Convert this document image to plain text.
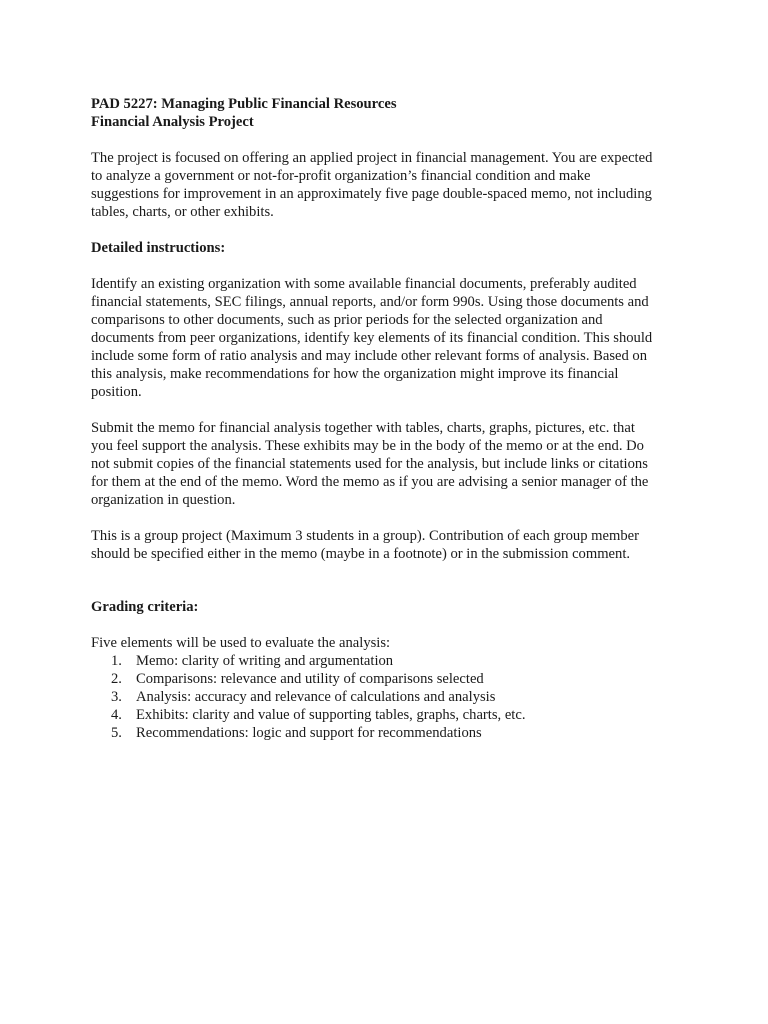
PAD 5227: Managing Public Financial Resources
Financial Analysis Project
The project is focused on offering an applied project in financial management. You are expected
to analyze a government or not-for-profit organization’s financial condition and make
suggestions for improvement in an approximately five page double-spaced memo, not including
tables, charts, or other exhibits.
Detailed instructions:
Identify an existing organization with some available financial documents, preferably audited
financial statements, SEC filings, annual reports, and/or form 990s. Using those documents and
comparisons to other documents, such as prior periods for the selected organization and
documents from peer organizations, identify key elements of its financial condition. This should
include some form of ratio analysis and may include other relevant forms of analysis. Based on
this analysis, make recommendations for how the organization might improve its financial
position.
Submit the memo for financial analysis together with tables, charts, graphs, pictures, etc. that
you feel support the analysis. These exhibits may be in the body of the memo or at the end. Do
not submit copies of the financial statements used for the analysis, but include links or citations
for them at the end of the memo. Word the memo as if you are advising a senior manager of the
organization in question.
This is a group project (Maximum 3 students in a group). Contribution of each group member
should be specified either in the memo (maybe in a footnote) or in the submission comment.
Grading criteria:
Five elements will be used to evaluate the analysis:
1. Memo: clarity of writing and argumentation
2. Comparisons: relevance and utility of comparisons selected
3. Analysis: accuracy and relevance of calculations and analysis
4. Exhibits: clarity and value of supporting tables, graphs, charts, etc.
5. Recommendations: logic and support for recommendations
